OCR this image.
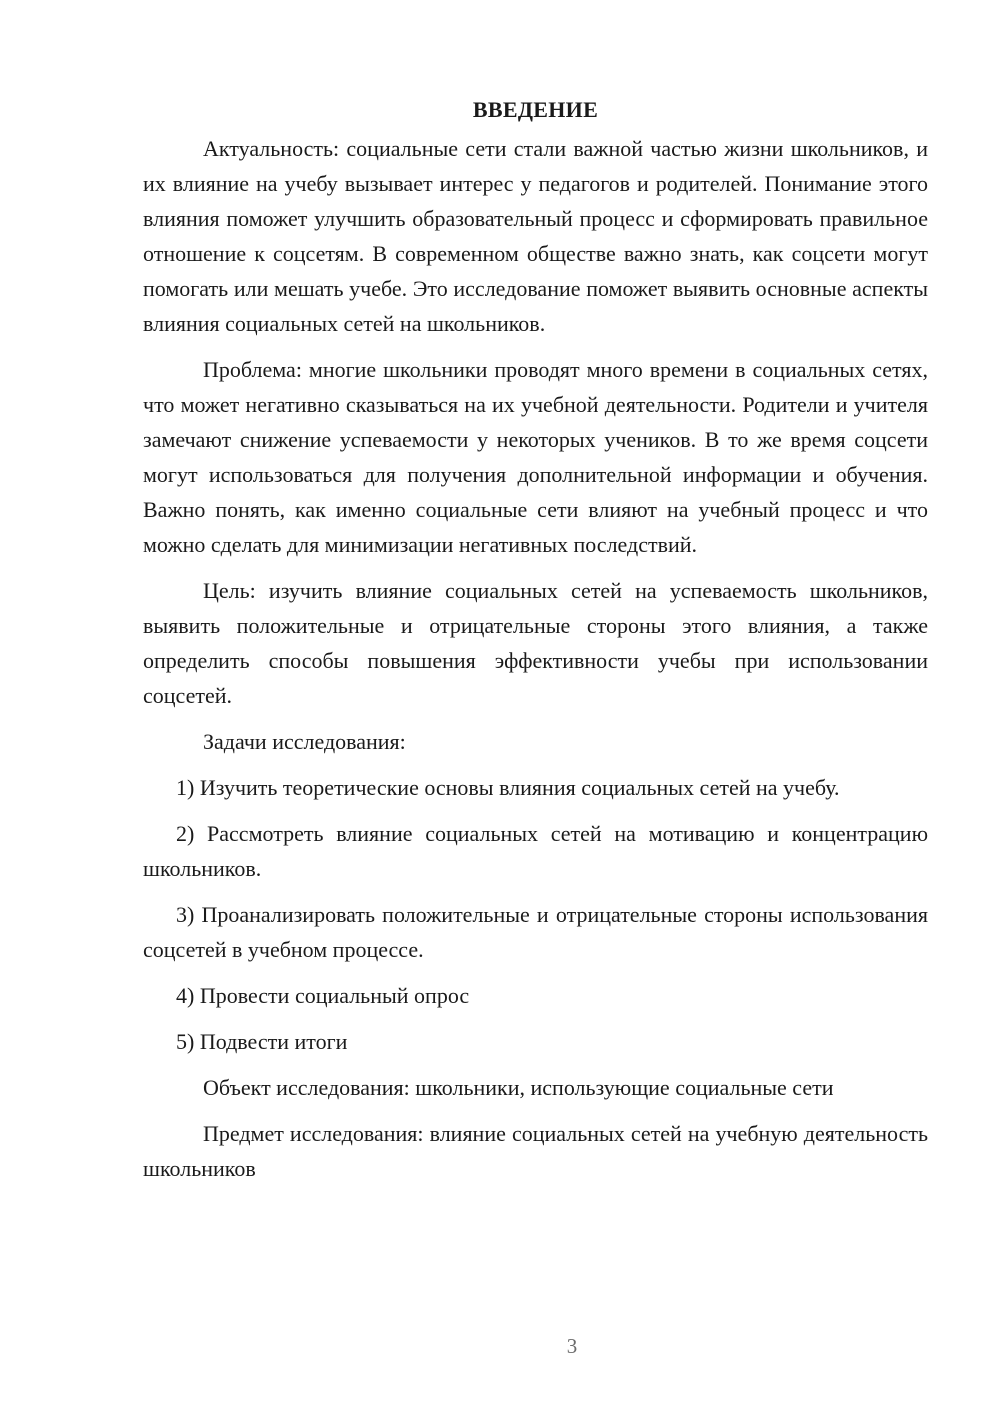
ВВЕДЕНИЕ

Актуальность: социальные сети стали важной частью жизни школьников, и их влияние на учебу вызывает интерес у педагогов и родителей. Понимание этого влияния поможет улучшить образовательный процесс и сформировать правильное отношение к соцсетям. В современном обществе важно знать, как соцсети могут помогать или мешать учебе. Это исследование поможет выявить основные аспекты влияния социальных сетей на школьников.

Проблема: многие школьники проводят много времени в социальных сетях, что может негативно сказываться на их учебной деятельности. Родители и учителя замечают снижение успеваемости у некоторых учеников. В то же время соцсети могут использоваться для получения дополнительной информации и обучения. Важно понять, как именно социальные сети влияют на учебный процесс и что можно сделать для минимизации негативных последствий.

Цель: изучить влияние социальных сетей на успеваемость школьников, выявить положительные и отрицательные стороны этого влияния, а также определить способы повышения эффективности учебы при использовании соцсетей.

Задачи исследования:

1) Изучить теоретические основы влияния социальных сетей на учебу.

2) Рассмотреть влияние социальных сетей на мотивацию и концентрацию школьников.

3) Проанализировать положительные и отрицательные стороны использования соцсетей в учебном процессе.

4) Провести социальный опрос

5) Подвести итоги

Объект исследования: школьники, использующие социальные сети

Предмет исследования: влияние социальных сетей на учебную деятельность школьников

3
